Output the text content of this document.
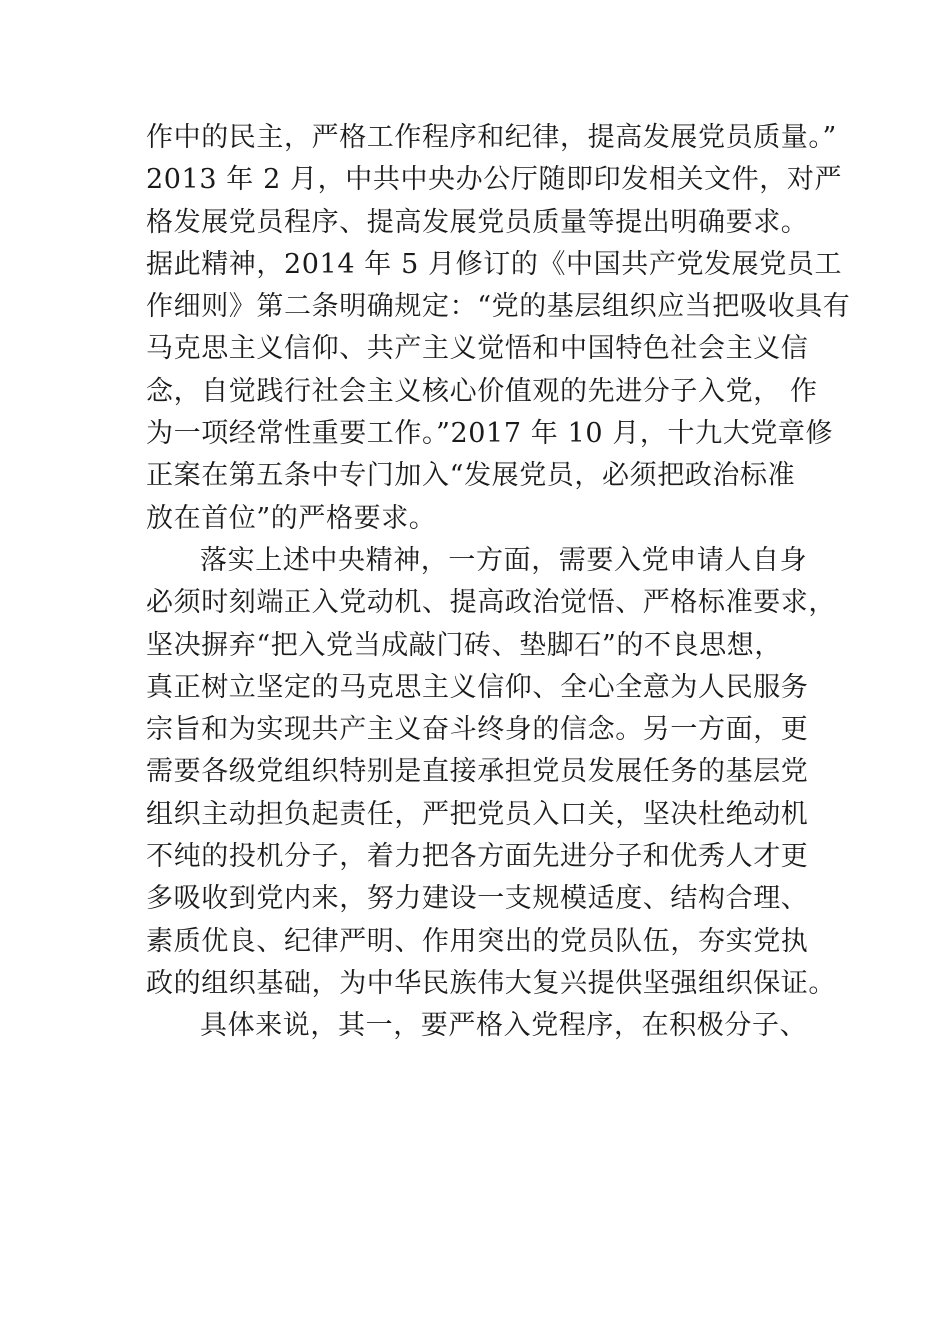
作中的民主，严格工作程序和纪律，提高发展党员质量。”
2013 年 2 月，中共中央办公厅随即印发相关文件，对严
格发展党员程序、提高发展党员质量等提出明确要求。
据此精神，2014 年 5 月修订的《中国共产党发展党员工
作细则》第二条明确规定：“党的基层组织应当把吸收具有
马克思主义信仰、共产主义觉悟和中国特色社会主义信
念，自觉践行社会主义核心价值观的先进分子入党， 作
为一项经常性重要工作。”2017 年 10 月，十九大党章修
正案在第五条中专门加入“发展党员，必须把政治标准
放在首位”的严格要求。
落实上述中央精神，一方面，需要入党申请人自身
必须时刻端正入党动机、提高政治觉悟、严格标准要求，
坚决摒弃“把入党当成敲门砖、垫脚石”的不良思想，
真正树立坚定的马克思主义信仰、全心全意为人民服务
宗旨和为实现共产主义奋斗终身的信念。另一方面，更
需要各级党组织特别是直接承担党员发展任务的基层党
组织主动担负起责任，严把党员入口关，坚决杜绝动机
不纯的投机分子，着力把各方面先进分子和优秀人才更
多吸收到党内来，努力建设一支规模适度、结构合理、
素质优良、纪律严明、作用突出的党员队伍，夯实党执
政的组织基础，为中华民族伟大复兴提供坚强组织保证。
具体来说，其一，要严格入党程序，在积极分子、
